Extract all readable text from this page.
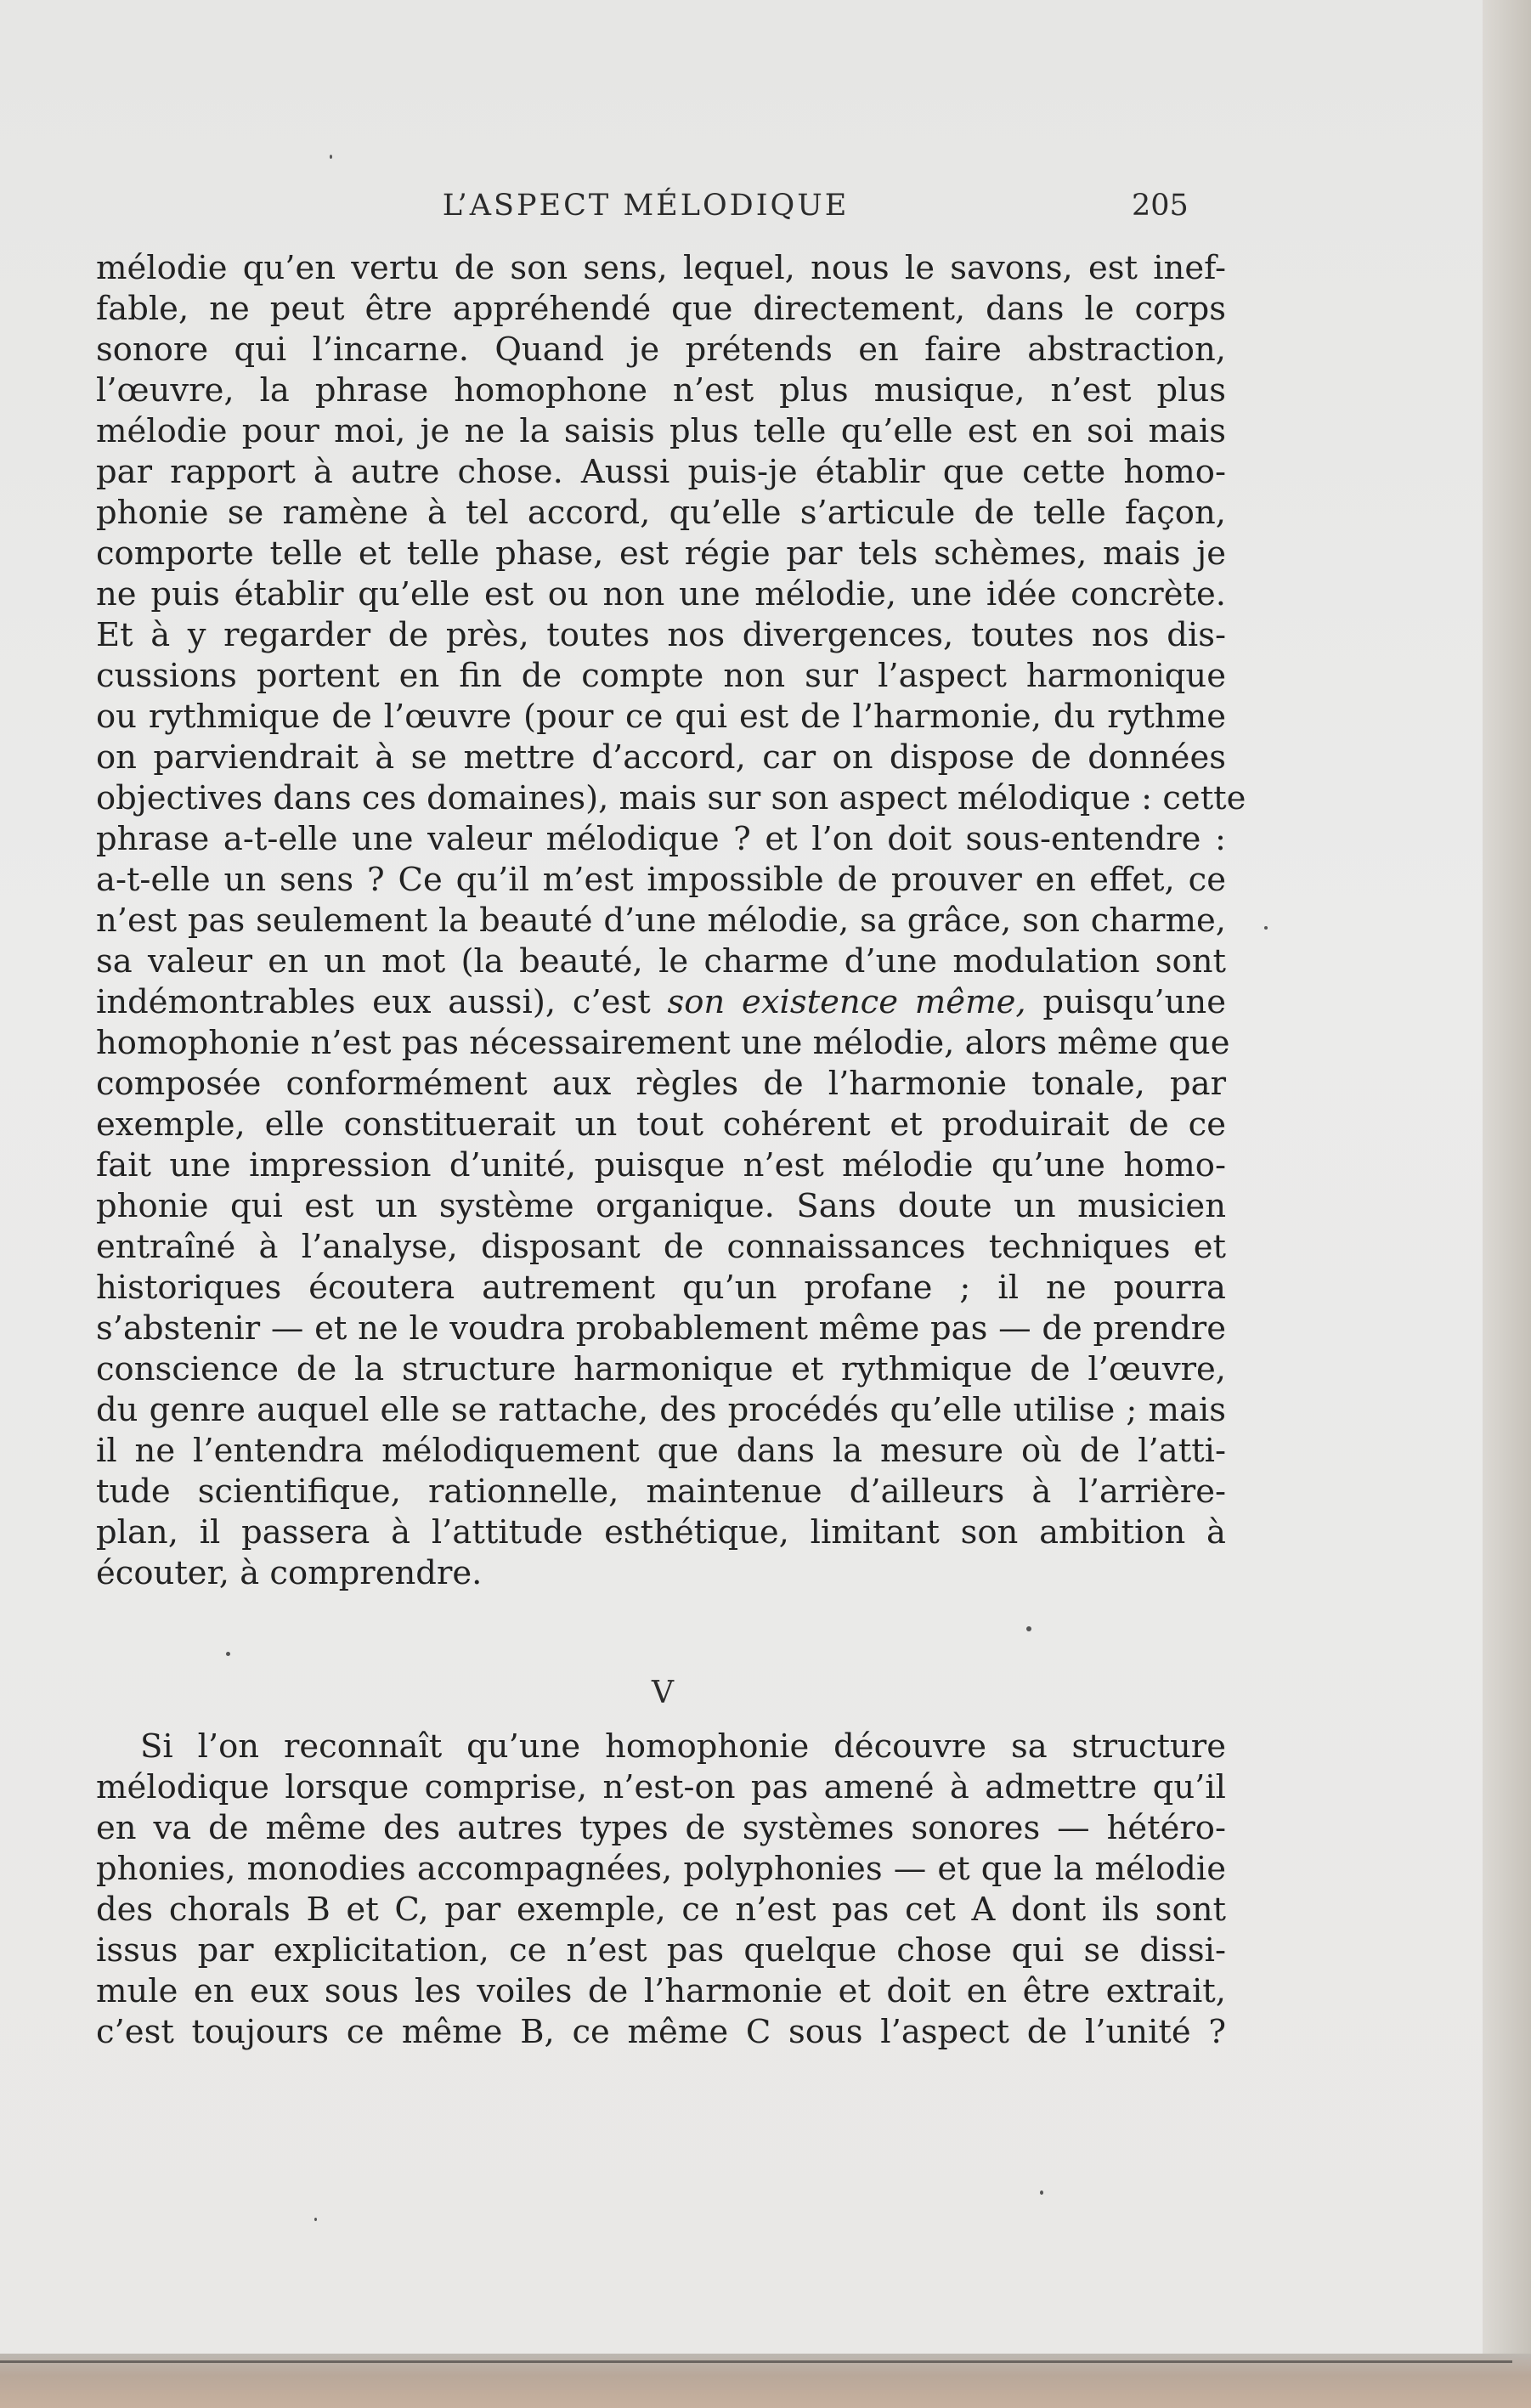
L’ASPECT MÉLODIQUE	205
mélodie qu’en vertu de son sens, lequel, nous le savons, est inef-
fable, ne peut être appréhendé que directement, dans le corps
sonore qui l’incarne. Quand je prétends en faire abstraction,
l’œuvre, la phrase homophone n’est plus musique, n’est plus
mélodie pour moi, je ne la saisis plus telle qu’elle est en soi mais
par rapport à autre chose. Aussi puis-je établir que cette homo-
phonie se ramène à tel accord, qu’elle s’articule de telle façon,
comporte telle et telle phase, est régie par tels schèmes, mais je
ne puis établir qu’elle est ou non une mélodie, une idée concrète.
Et à y regarder de près, toutes nos divergences, toutes nos dis-
cussions portent en fin de compte non sur l’aspect harmonique
ou rythmique de l’œuvre (pour ce qui est de l’harmonie, du rythme
on parviendrait à se mettre d’accord, car on dispose de données
objectives dans ces domaines), mais sur son aspect mélodique : cette
phrase a-t-elle une valeur mélodique ? et l’on doit sous-entendre :
a-t-elle un sens ? Ce qu’il m’est impossible de prouver en effet, ce
n’est pas seulement la beauté d’une mélodie, sa grâce, son charme,
sa valeur en un mot (la beauté, le charme d’une modulation sont
indémontrables eux aussi), c’est son existence même, puisqu’une
homophonie n’est pas nécessairement une mélodie, alors même que
composée conformément aux règles de l’harmonie tonale, par
exemple, elle constituerait un tout cohérent et produirait de ce
fait une impression d’unité, puisque n’est mélodie qu’une homo-
phonie qui est un système organique. Sans doute un musicien
entraîné à l’analyse, disposant de connaissances techniques et
historiques écoutera autrement qu’un profane ; il ne pourra
s’abstenir — et ne le voudra probablement même pas — de prendre
conscience de la structure harmonique et rythmique de l’œuvre,
du genre auquel elle se rattache, des procédés qu’elle utilise ; mais
il ne l’entendra mélodiquement que dans la mesure où de l’atti-
tude scientifique, rationnelle, maintenue d’ailleurs à l’arrière-
plan, il passera à l’attitude esthétique, limitant son ambition à
écouter, à comprendre.
V
Si l’on reconnaît qu’une homophonie découvre sa structure
mélodique lorsque comprise, n’est-on pas amené à admettre qu’il
en va de même des autres types de systèmes sonores — hétéro-
phonies, monodies accompagnées, polyphonies — et que la mélodie
des chorals B et C, par exemple, ce n’est pas cet A dont ils sont
issus par explicitation, ce n’est pas quelque chose qui se dissi-
mule en eux sous les voiles de l’harmonie et doit en être extrait,
c’est toujours ce même B, ce même C sous l’aspect de l’unité ?
